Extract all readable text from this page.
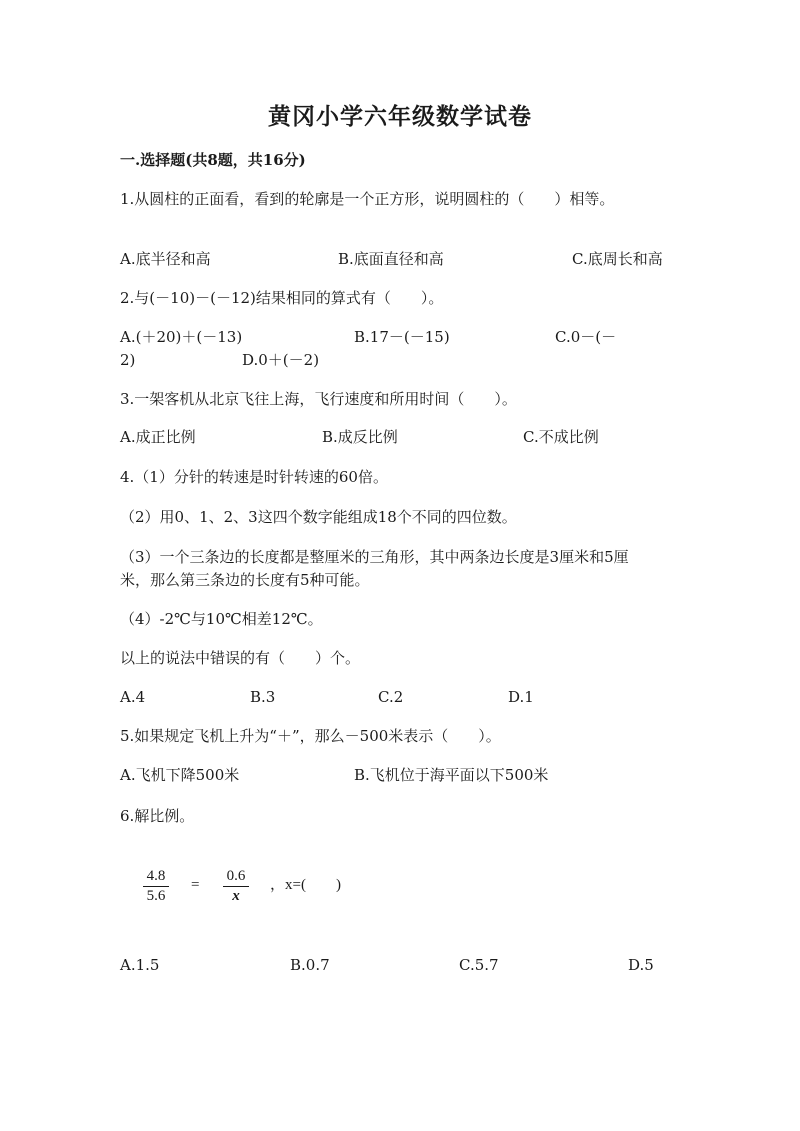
黄冈小学六年级数学试卷
一.选择题(共8题，共16分)
1.从圆柱的正面看，看到的轮廓是一个正方形，说明圆柱的（　　）相等。
A.底半径和高	B.底面直径和高	C.底周长和高
2.与(－10)－(－12)结果相同的算式有（　　）。
A.(＋20)＋(－13)	B.17－(－15)	C.0－(－
2)	D.0＋(－2)
3.一架客机从北京飞往上海，飞行速度和所用时间（　　）。
A.成正比例	B.成反比例	C.不成比例
4.（1）分针的转速是时针转速的60倍。
（2）用0、1、2、3这四个数字能组成18个不同的四位数。
（3）一个三条边的长度都是整厘米的三角形，其中两条边长度是3厘米和5厘
米，那么第三条边的长度有5种可能。
（4）-2℃与10℃相差12℃。
以上的说法中错误的有（　　）个。
A.4	B.3	C.2	D.1
5.如果规定飞机上升为“＋”，那么－500米表示（　　）。
A.飞机下降500米	B.飞机位于海平面以下500米
6.解比例。
4.8
5.6
=
0.6
x
，x=(　　)
A.1.5	B.0.7	C.5.7	D.5
